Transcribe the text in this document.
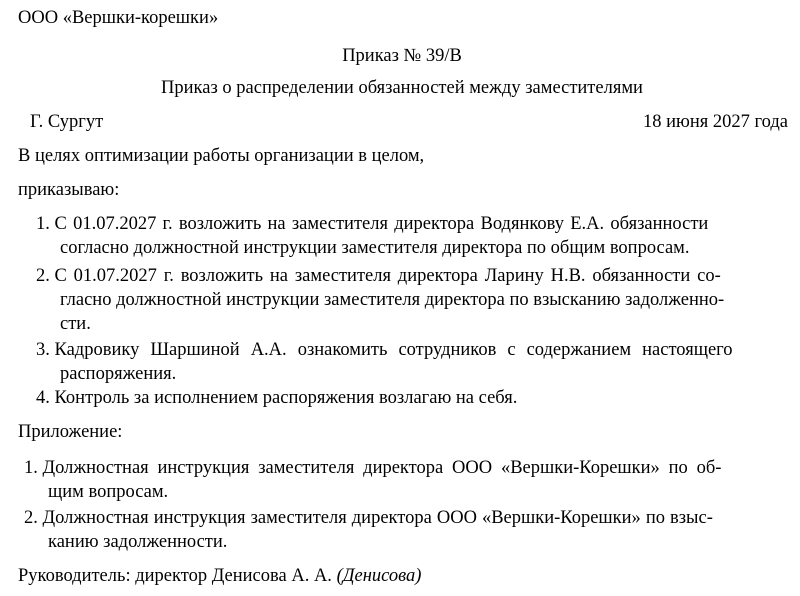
ООО «Вершки-корешки»
Приказ № 39/В
Приказ о распределении обязанностей между заместителями
Г. Сургут	18 июня 2027 года
В целях оптимизации работы организации в целом,
приказываю:
1. С 01.07.2027 г. возложить на заместителя директора Водянкову Е.А. обязанности
согласно должностной инструкции заместителя директора по общим вопросам.
2. С 01.07.2027 г. возложить на заместителя директора Ларину Н.В. обязанности со-
гласно должностной инструкции заместителя директора по взысканию задолженно-
сти.
3. Кадровику Шаршиной А.А. ознакомить сотрудников с содержанием настоящего
распоряжения.
4. Контроль за исполнением распоряжения возлагаю на себя.
Приложение:
1. Должностная инструкция заместителя директора ООО «Вершки-Корешки» по об-
щим вопросам.
2. Должностная инструкция заместителя директора ООО «Вершки-Корешки» по взыс-
канию задолженности.
Руководитель: директор Денисова А. А. (Денисова)
